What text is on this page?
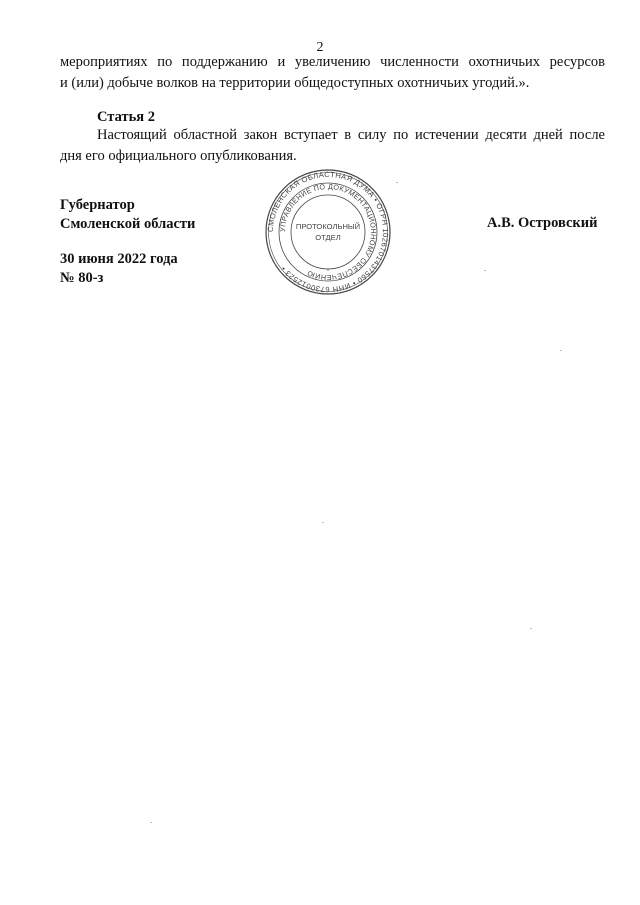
2
мероприятиях по поддержанию и увеличению численности охотничьих ресурсов
и (или) добыче волков на территории общедоступных охотничьих угодий.».
Статья 2
Настоящий областной закон вступает в силу по истечении десяти дней после
дня его официального опубликования.
Губернатор
Смоленской области	А.В. Островский
30 июня 2022 года
№ 80-з
СМОЛЕНСКАЯ ОБЛАСТНАЯ ДУМА • ОГРН 1026701437560 • ИНН 6730012523 •
УПРАВЛЕНИЕ ПО ДОКУМЕНТАЦИОННОМУ ОБЕСПЕЧЕНИЮ
ПРОТОКОЛЬНЫЙ
ОТДЕЛ
*
